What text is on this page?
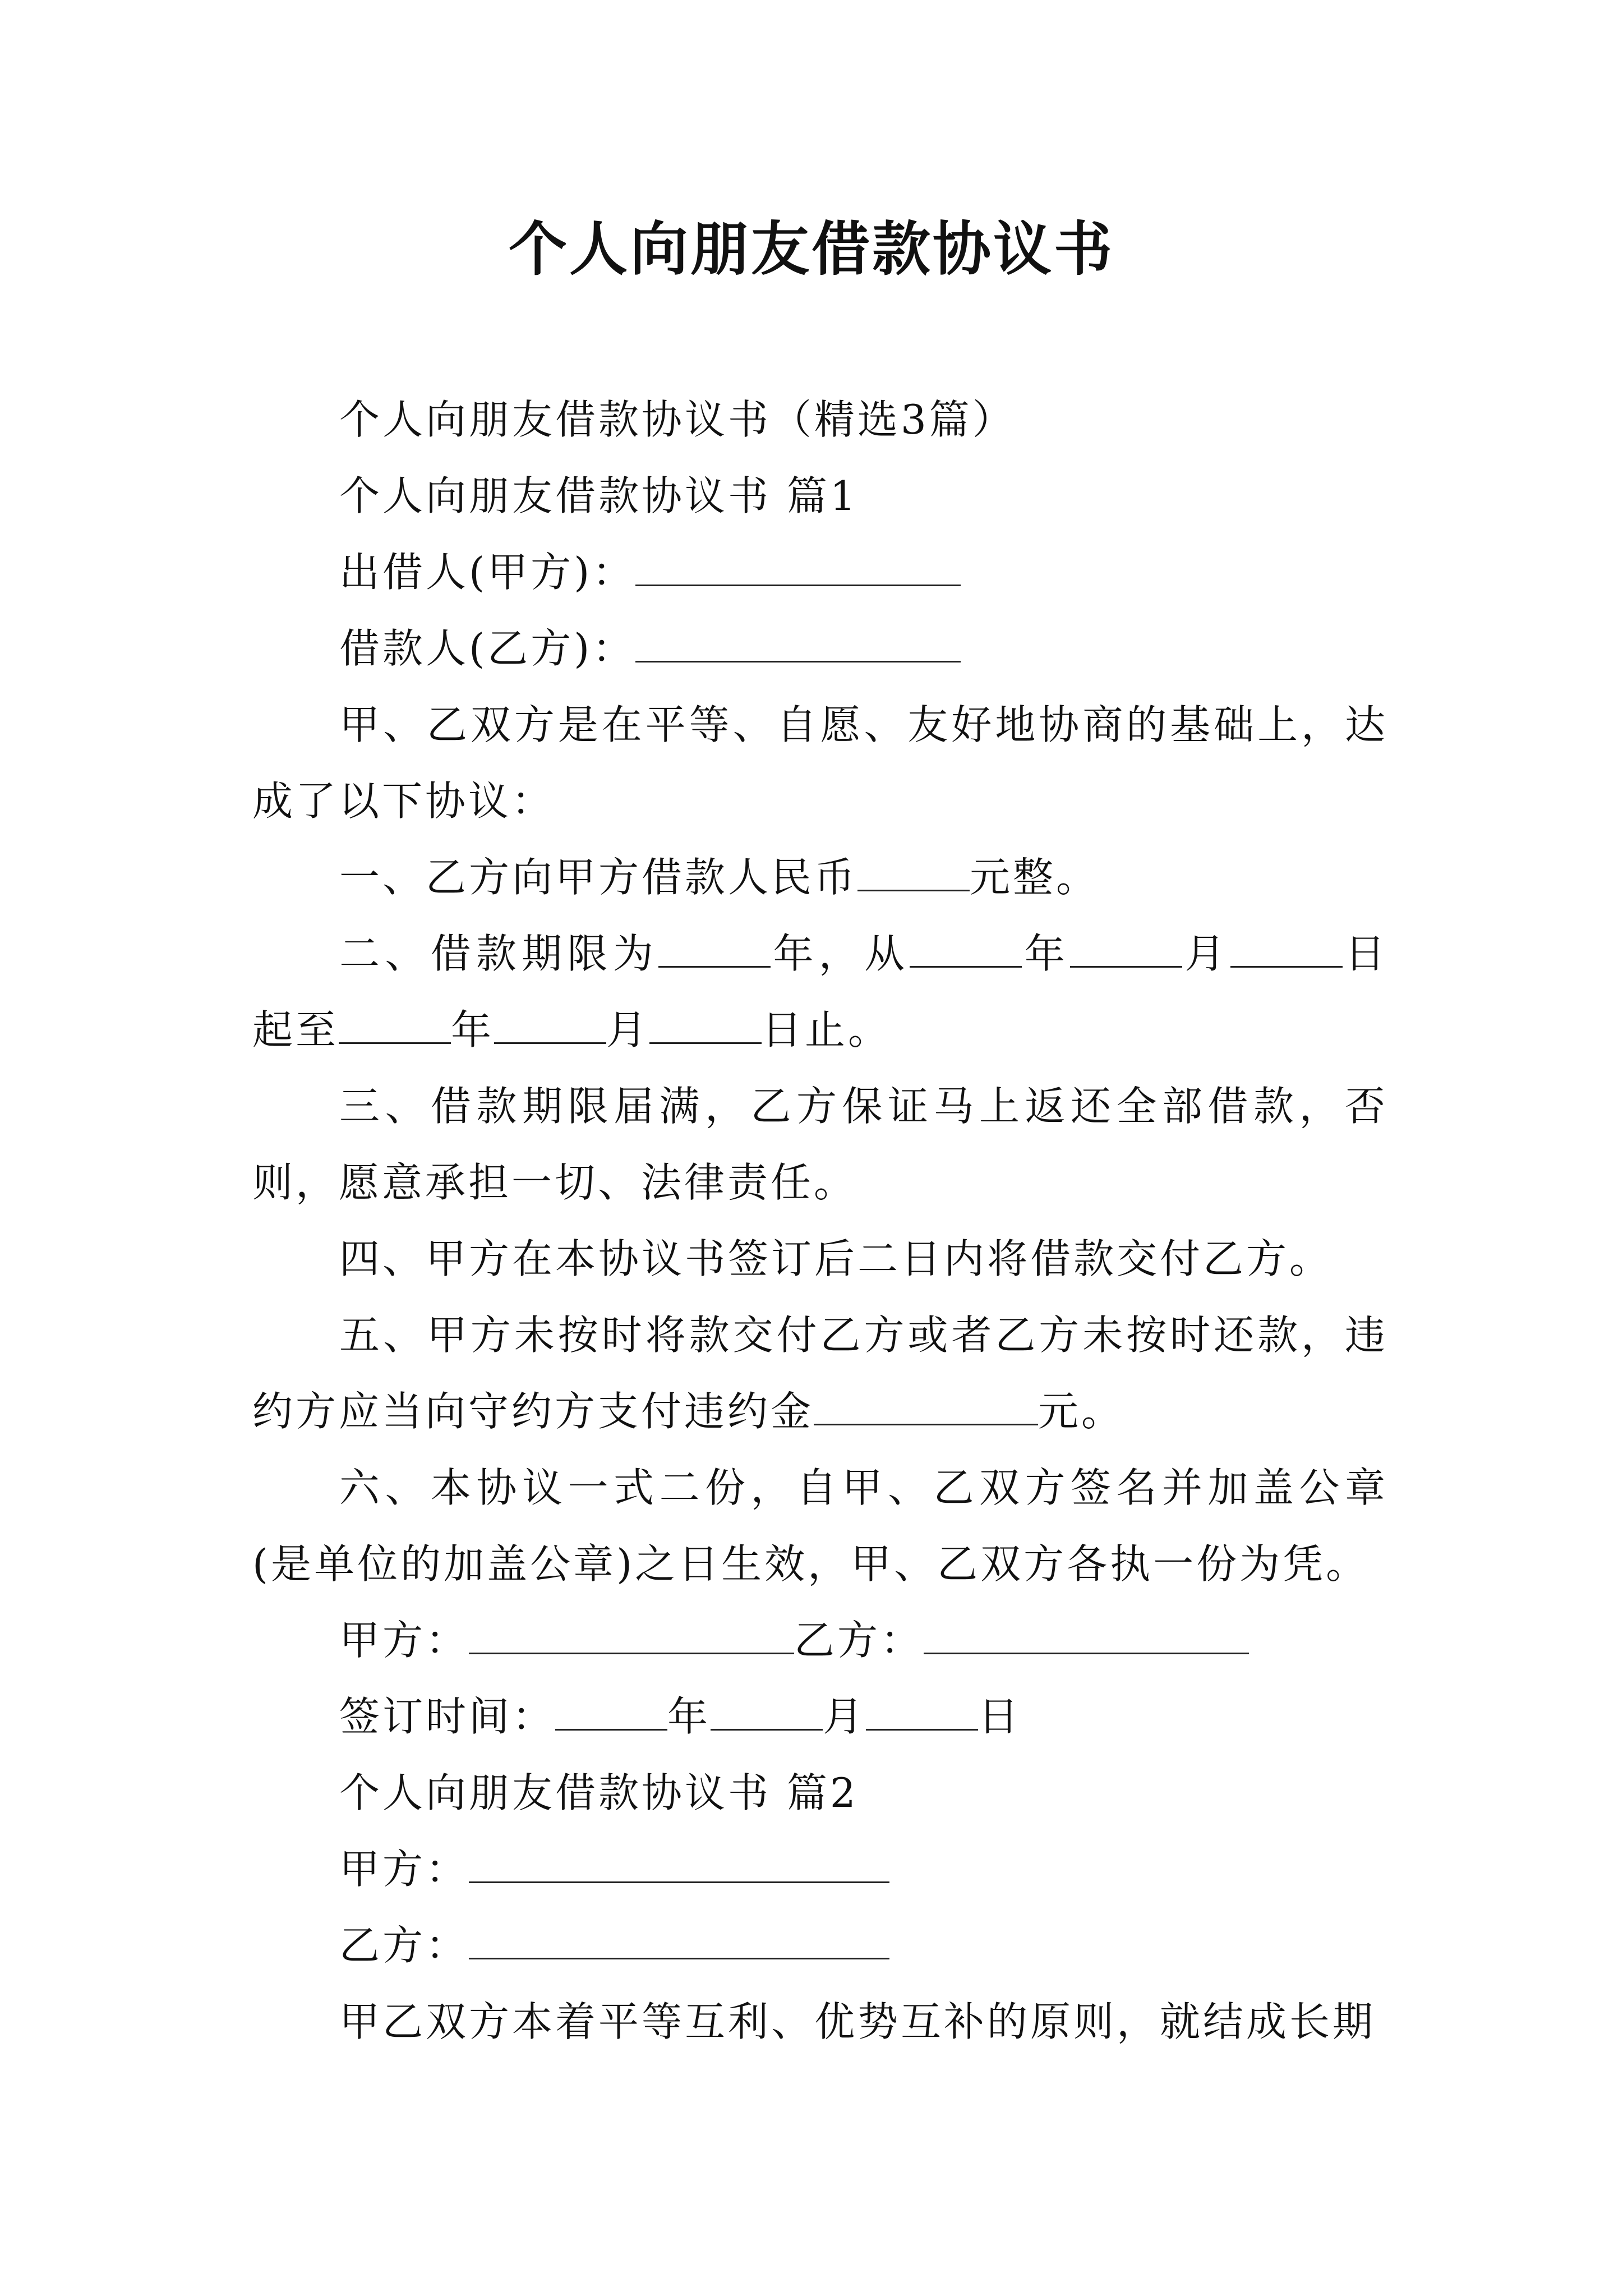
个人向朋友借款协议书

个人向朋友借款协议书（精选3篇）

个人向朋友借款协议书 篇1

出借人(甲方)：

借款人(乙方)：

甲、乙双方是在平等、自愿、友好地协商的基础上，达成了以下协议：

一、乙方向甲方借款人民币	元整。

二、借款期限为	年，从	年	月	日起至	年	月	日止。

三、借款期限届满，乙方保证马上返还全部借款，否则，愿意承担一切、法律责任。

四、甲方在本协议书签订后二日内将借款交付乙方。

五、甲方未按时将款交付乙方或者乙方未按时还款，违约方应当向守约方支付违约金	元。

六、本协议一式二份，自甲、乙双方签名并加盖公章(是单位的加盖公章)之日生效，甲、乙双方各执一份为凭。

甲方：	乙方：

签订时间：	年	月	日

个人向朋友借款协议书 篇2

甲方：

乙方：

甲乙双方本着平等互利、优势互补的原则，就结成长期
